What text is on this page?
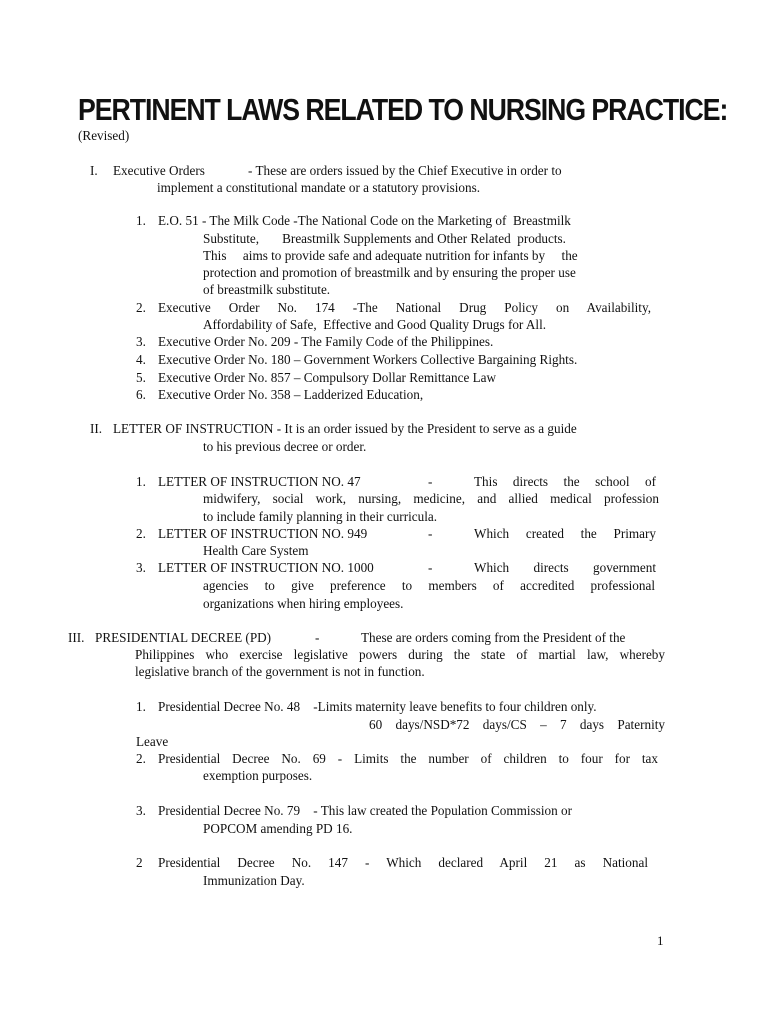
PERTINENT LAWS RELATED TO NURSING PRACTICE:
(Revised)
I. Executive Orders	- These are orders issued by the Chief Executive in order to
implement a constitutional mandate or a statutory provisions.
1. E.O. 51 - The Milk Code -The National Code on the Marketing of  Breastmilk
Substitute,       Breastmilk Supplements and Other Related  products.
This     aims to provide safe and adequate nutrition for infants by     the
protection and promotion of breastmilk and by ensuring the proper use
of breastmilk substitute.
2. Executive Order No. 174 -The National Drug Policy on Availability,
Affordability of Safe,  Effective and Good Quality Drugs for All.
3. Executive Order No. 209 - The Family Code of the Philippines.
4. Executive Order No. 180 – Government Workers Collective Bargaining Rights.
5. Executive Order No. 857 – Compulsory Dollar Remittance Law
6. Executive Order No. 358 – Ladderized Education,
II. LETTER OF INSTRUCTION - It is an order issued by the President to serve as a guide
to his previous decree or order.
1. LETTER OF INSTRUCTION NO. 47	-	This directs the school of
midwifery, social work, nursing, medicine, and allied medical profession
to include family planning in their curricula.
2. LETTER OF INSTRUCTION NO. 949	-	Which created the Primary
Health Care System
3. LETTER OF INSTRUCTION NO. 1000	-	Which directs government
agencies to give preference to members of accredited professional
organizations when hiring employees.
III. PRESIDENTIAL DECREE (PD)	-	These are orders coming from the President of the
Philippines who exercise legislative powers during the state of martial law, whereby
legislative branch of the government is not in function.
1. Presidential Decree No. 48    -Limits maternity leave benefits to four children only.
60 days/NSD*72 days/CS – 7 days Paternity
Leave
2. Presidential Decree No. 69 - Limits the number of children to four for tax
exemption purposes.
3. Presidential Decree No. 79    - This law created the Population Commission or
POPCOM amending PD 16.
2 Presidential Decree No. 147 - Which declared April 21 as National
Immunization Day.
1
